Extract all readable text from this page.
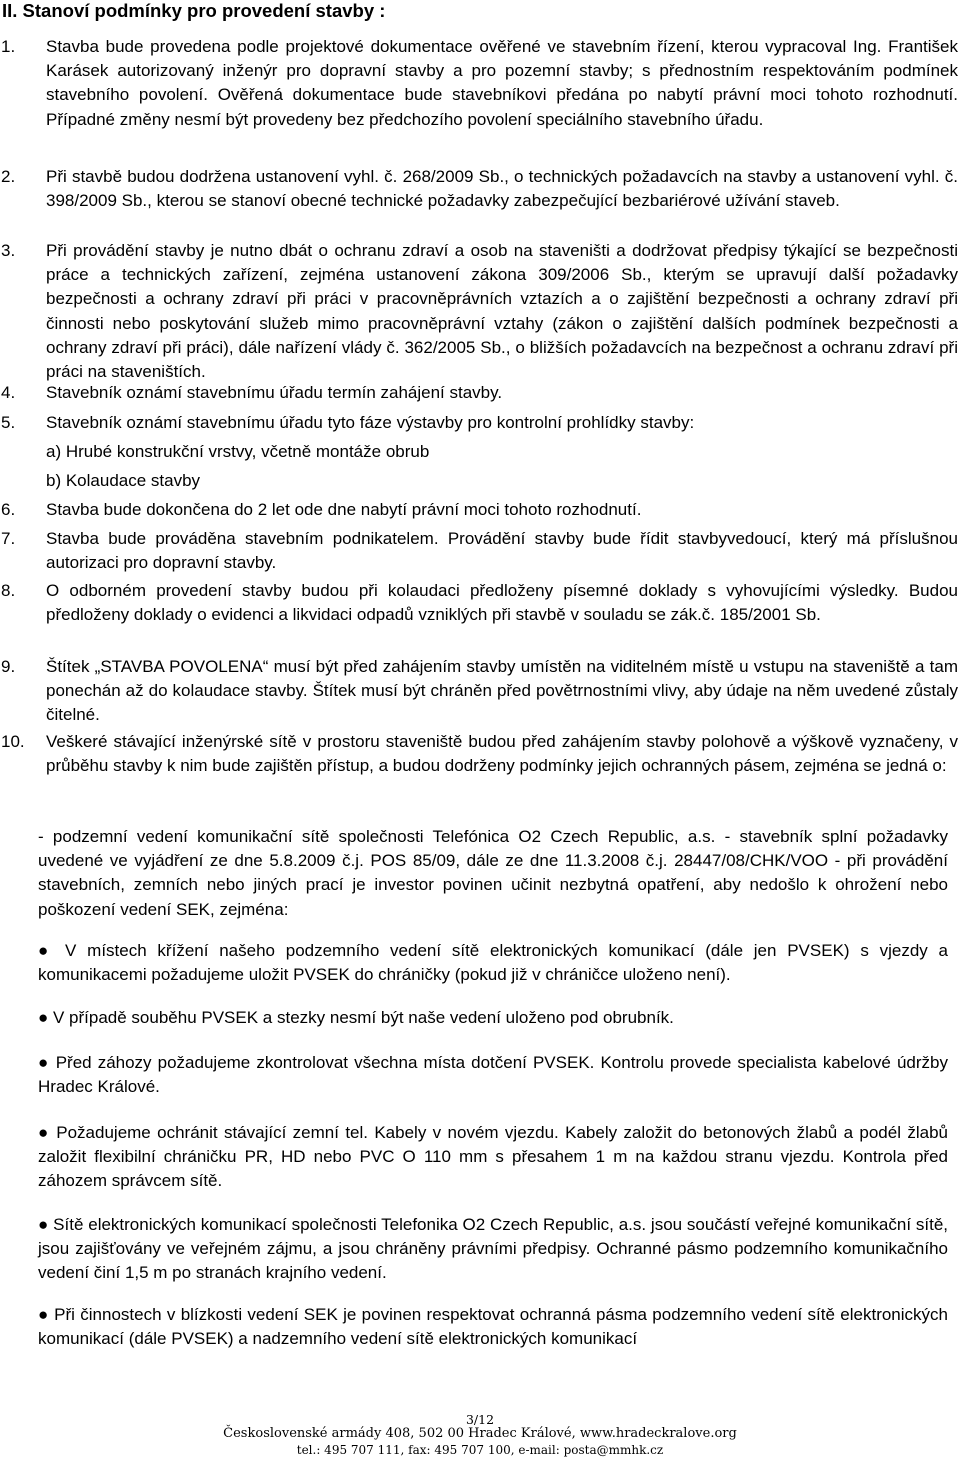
II. Stanoví podmínky pro provedení stavby :
1.	Stavba bude provedena podle projektové dokumentace ověřené ve stavebním řízení, kterou vypracoval Ing. František Karásek autorizovaný inženýr pro dopravní stavby a pro pozemní stavby; s přednostním respektováním podmínek stavebního povolení. Ověřená dokumentace bude stavebníkovi předána po nabytí právní moci tohoto rozhodnutí. Případné změny nesmí být provedeny bez předchozího povolení speciálního stavebního úřadu.
2.	Při stavbě budou dodržena ustanovení vyhl. č. 268/2009 Sb., o technických požadavcích na stavby a ustanovení vyhl. č. 398/2009 Sb., kterou se stanoví obecné technické požadavky zabezpečující bezbariérové užívání staveb.
3.	Při provádění stavby je nutno dbát o ochranu zdraví a osob na staveništi a dodržovat předpisy týkající se bezpečnosti práce a technických zařízení, zejména ustanovení zákona 309/2006 Sb., kterým se upravují další požadavky bezpečnosti a ochrany zdraví při práci v pracovněprávních vztazích a o zajištění bezpečnosti a ochrany zdraví při činnosti nebo poskytování služeb mimo pracovněprávní vztahy (zákon o zajištění dalších podmínek bezpečnosti a ochrany zdraví při práci), dále nařízení vlády č. 362/2005 Sb., o bližších požadavcích na bezpečnost a ochranu zdraví při práci na staveništích.
4.	Stavebník oznámí stavebnímu úřadu termín zahájení stavby.
5.	Stavebník oznámí stavebnímu úřadu tyto fáze výstavby pro kontrolní prohlídky stavby:
a) Hrubé konstrukční vrstvy, včetně montáže obrub
b) Kolaudace stavby
6.	Stavba bude dokončena do 2 let ode dne nabytí právní moci tohoto rozhodnutí.
7.	Stavba bude prováděna stavebním podnikatelem. Provádění stavby bude řídit stavbyvedoucí, který má příslušnou autorizaci pro dopravní stavby.
8.	O odborném provedení stavby budou při kolaudaci předloženy písemné doklady s vyhovujícími výsledky. Budou předloženy doklady o evidenci a likvidaci odpadů vzniklých při stavbě v souladu se zák.č. 185/2001 Sb.
9.	Štítek „STAVBA POVOLENA“ musí být před zahájením stavby umístěn na viditelném místě u vstupu na staveniště a tam ponechán až do kolaudace stavby. Štítek musí být chráněn před povětrnostními vlivy, aby údaje na něm uvedené zůstaly čitelné.
10.	Veškeré stávající inženýrské sítě v prostoru staveniště budou před zahájením stavby polohově a výškově vyznačeny, v průběhu stavby k nim bude zajištěn přístup, a budou dodrženy podmínky jejich ochranných pásem, zejména se jedná o:
- podzemní vedení komunikační sítě společnosti Telefónica O2 Czech Republic, a.s. - stavebník splní požadavky uvedené ve vyjádření ze dne 5.8.2009 č.j. POS 85/09, dále ze dne 11.3.2008 č.j. 28447/08/CHK/VOO - při provádění stavebních, zemních nebo jiných prací je investor povinen učinit nezbytná opatření, aby nedošlo k ohrožení nebo poškození vedení SEK, zejména:
● V místech křížení našeho podzemního vedení sítě elektronických komunikací (dále jen PVSEK) s vjezdy a komunikacemi požadujeme uložit PVSEK do chráničky (pokud již v chráničce uloženo není).
● V případě souběhu PVSEK a stezky nesmí být naše vedení uloženo pod obrubník.
● Před záhozy požadujeme zkontrolovat všechna místa dotčení PVSEK. Kontrolu provede specialista kabelové údržby Hradec Králové.
● Požadujeme ochránit stávající zemní tel. Kabely v novém vjezdu. Kabely založit do betonových žlabů a podél žlabů založit flexibilní chráničku PR, HD nebo PVC O 110 mm s přesahem 1 m na každou stranu vjezdu. Kontrola před záhozem správcem sítě.
● Sítě elektronických komunikací společnosti Telefonika O2 Czech Republic, a.s. jsou součástí veřejné komunikační sítě, jsou zajišťovány ve veřejném zájmu, a jsou chráněny právními předpisy. Ochranné pásmo podzemního komunikačního vedení činí 1,5 m po stranách krajního vedení.
● Při činnostech v blízkosti vedení SEK je povinen respektovat ochranná pásma podzemního vedení sítě elektronických komunikací (dále PVSEK) a nadzemního vedení sítě elektronických komunikací
3/12
Československé armády 408, 502 00 Hradec Králové, www.hradeckralove.org
tel.: 495 707 111, fax: 495 707 100, e-mail: posta@mmhk.cz
